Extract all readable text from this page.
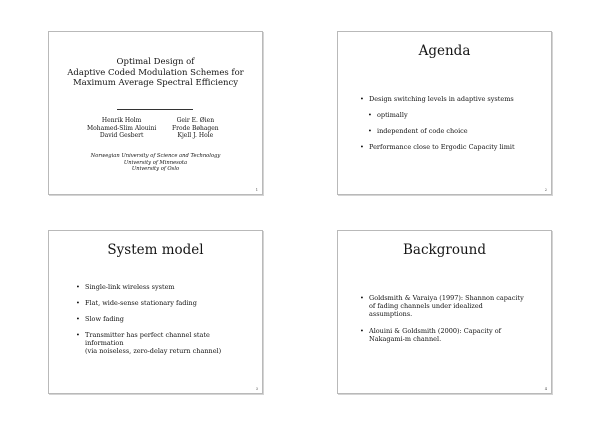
Optimal Design of
Adaptive Coded Modulation Schemes for
Maximum Average Spectral Efficiency
Henrik Holm
Mohamed-Slim Alouini
David Gesbert
Geir E. Øien
Frode Bøhagen
Kjell J. Hole
Norwegian University of Science and Technology
University of Minnesota
University of Oslo
1
Agenda
• Design switching levels in adaptive systems
• optimally
• independent of code choice
• Performance close to Ergodic Capacity limit
2
System model
• Single-link wireless system
• Flat, wide-sense stationary fading
• Slow fading
• Transmitter has perfect channel state
information
(via noiseless, zero-delay return channel)
3
Background
• Goldsmith & Varaiya (1997): Shannon capacity
of fading channels under idealized
assumptions.
• Alouini & Goldsmith (2000): Capacity of
Nakagami-m channel.
4
